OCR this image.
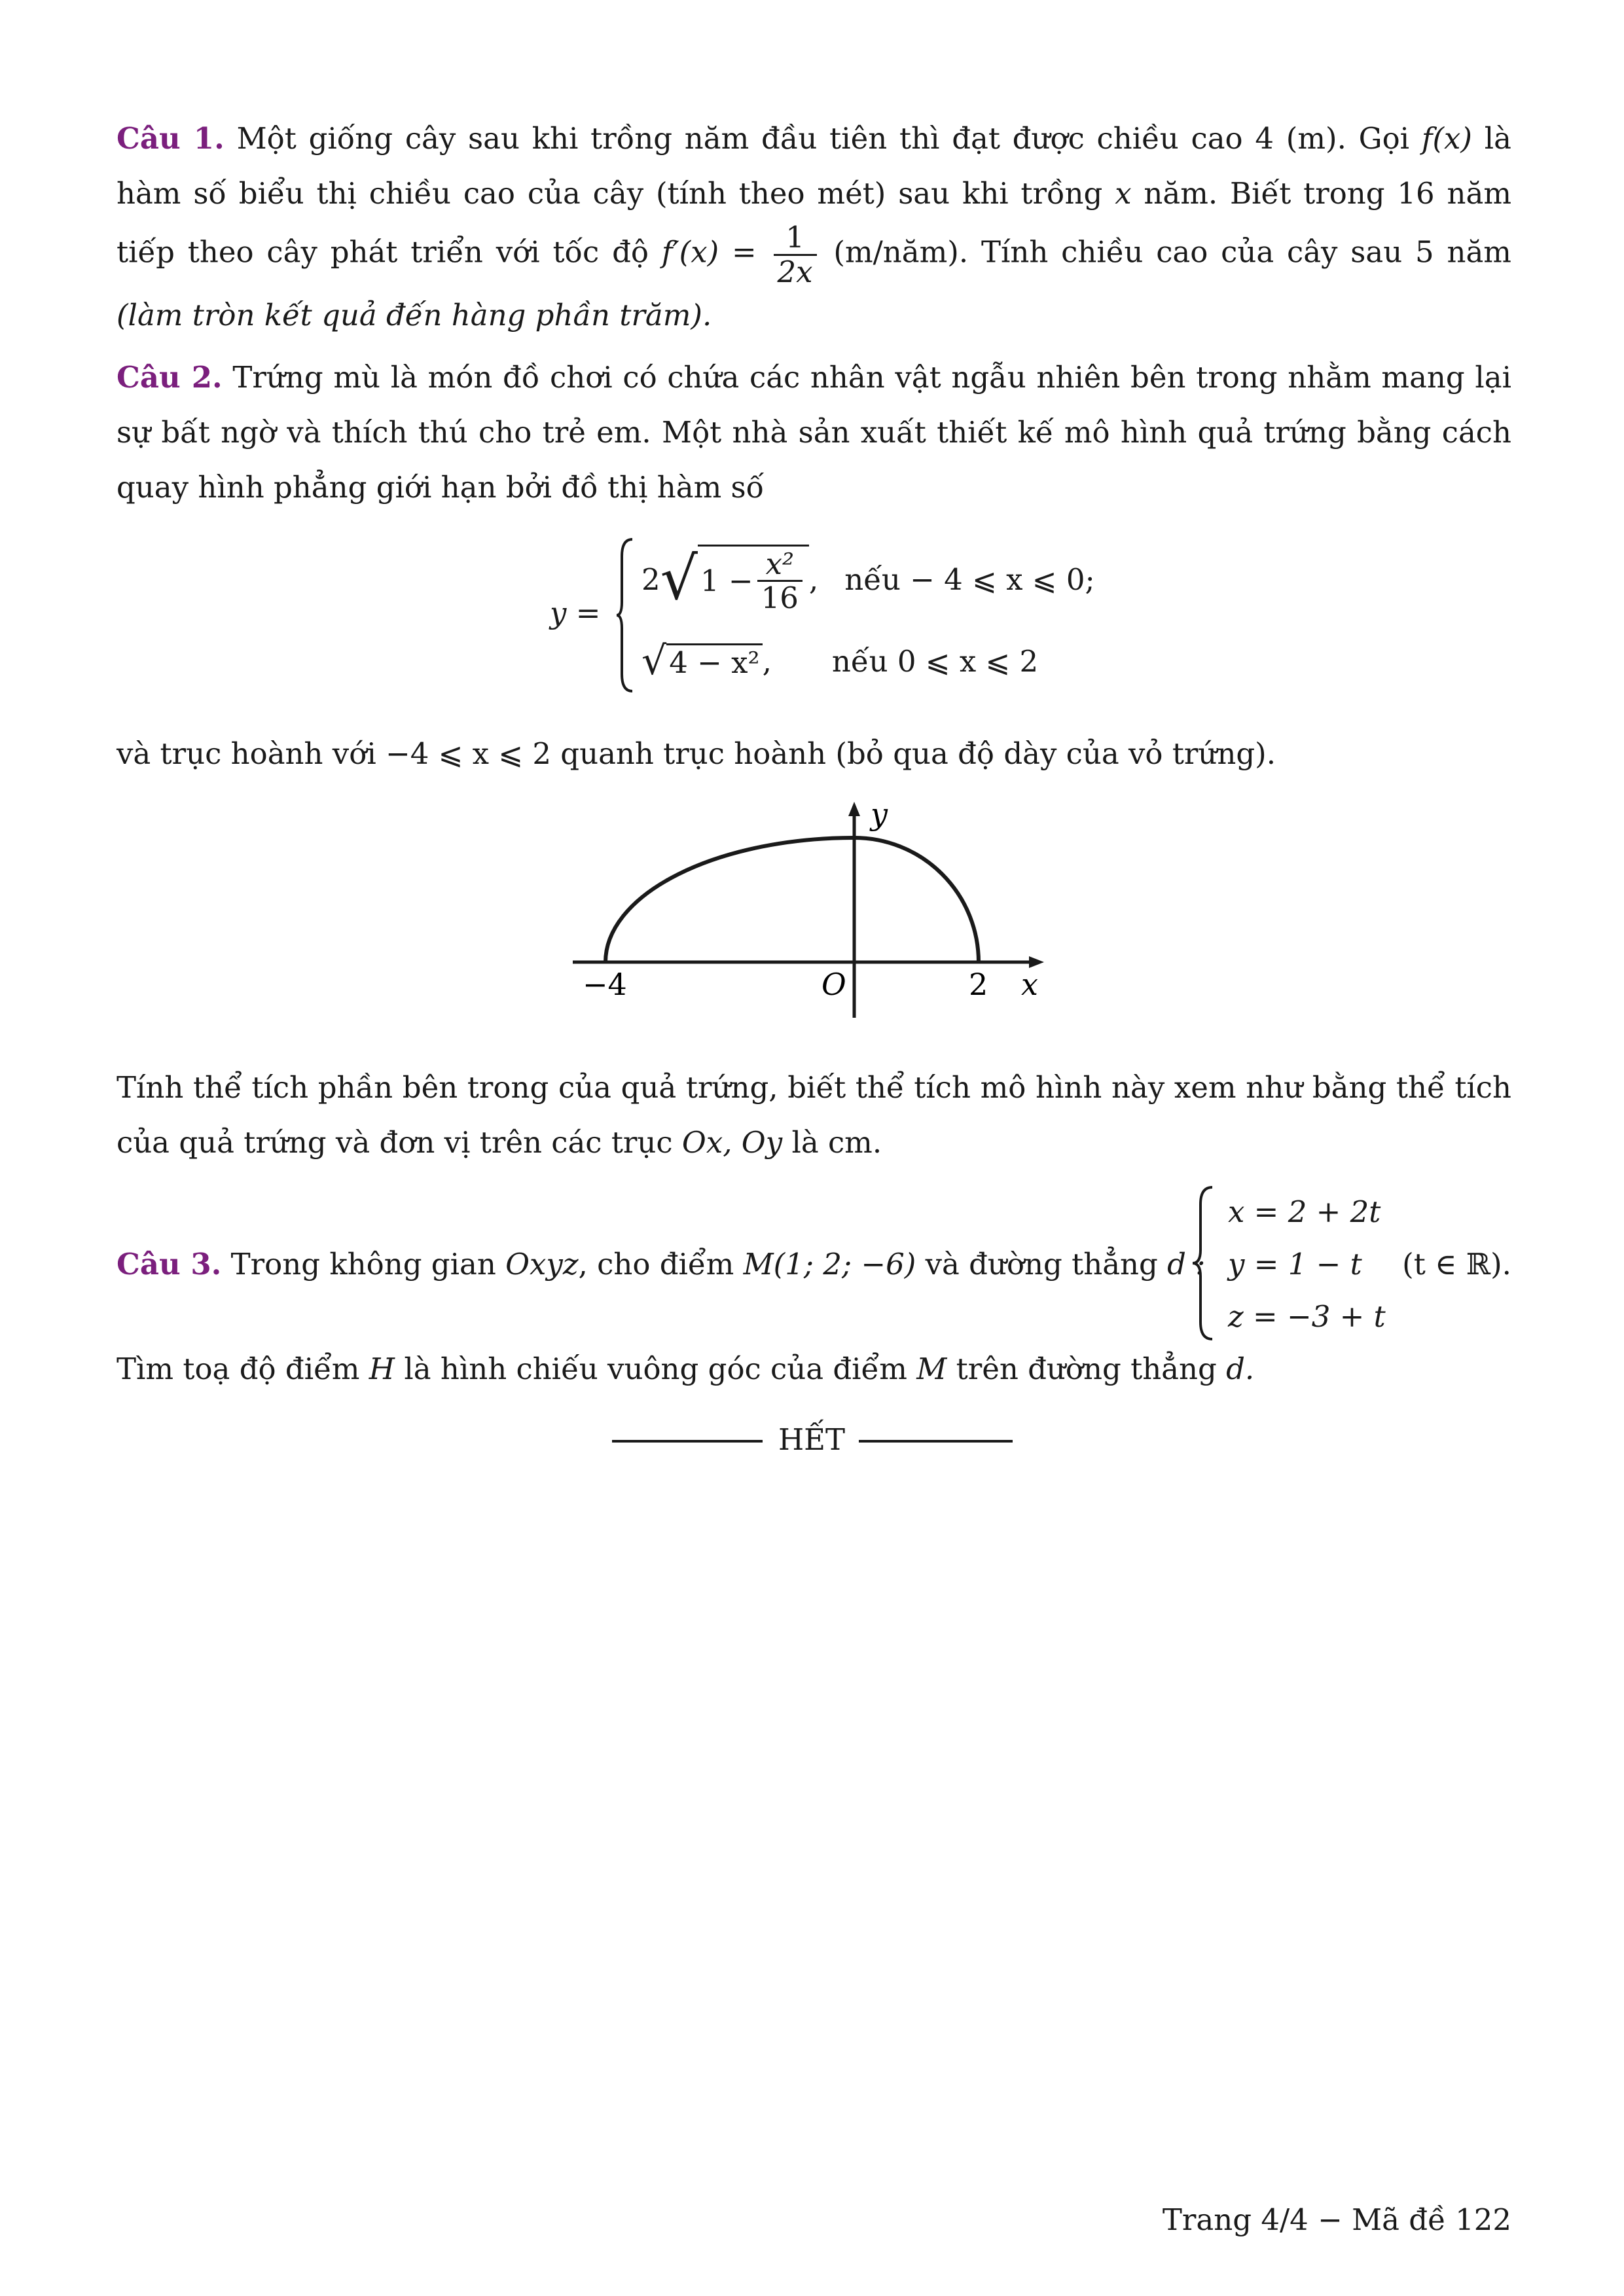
Câu 1. Một giống cây sau khi trồng năm đầu tiên thì đạt được chiều cao 4 (m). Gọi f(x) là hàm số biểu thị chiều cao của cây (tính theo mét) sau khi trồng x năm. Biết trong 16 năm tiếp theo cây phát triển với tốc độ $f'(x) = \frac{1}{2x}$ (m/năm). Tính chiều cao của cây sau 5 năm (làm tròn kết quả đến hàng phần trăm).
Câu 2. Trứng mù là món đồ chơi có chứa các nhân vật ngẫu nhiên bên trong nhằm mang lại sự bất ngờ và thích thú cho trẻ em. Một nhà sản xuất thiết kế mô hình quả trứng bằng cách quay hình phẳng giới hạn bởi đồ thị hàm số
y =
2 √ $1 - \frac{\text{x²}}{16}$ , nếu − 4 ⩽ x ⩽ 0;
√ 4 − x² , nếu 0 ⩽ x ⩽ 2
và trục hoành với −4 ⩽ x ⩽ 2 quanh trục hoành (bỏ qua độ dày của vỏ trứng).
y
x
O
−4	2
Tính thể tích phần bên trong của quả trứng, biết thể tích mô hình này xem như bằng thể tích của quả trứng và đơn vị trên các trục Ox, Oy là cm.
Câu 3. Trong không gian Oxyz, cho điểm M(1; 2; −6) và đường thẳng d :
x = 2 + 2t
y = 1 − t
z = −3 + t
(t ∈ ℝ).
Tìm toạ độ điểm H là hình chiếu vuông góc của điểm M trên đường thẳng d.
HẾT
Trang 4/4 − Mã đề 122
